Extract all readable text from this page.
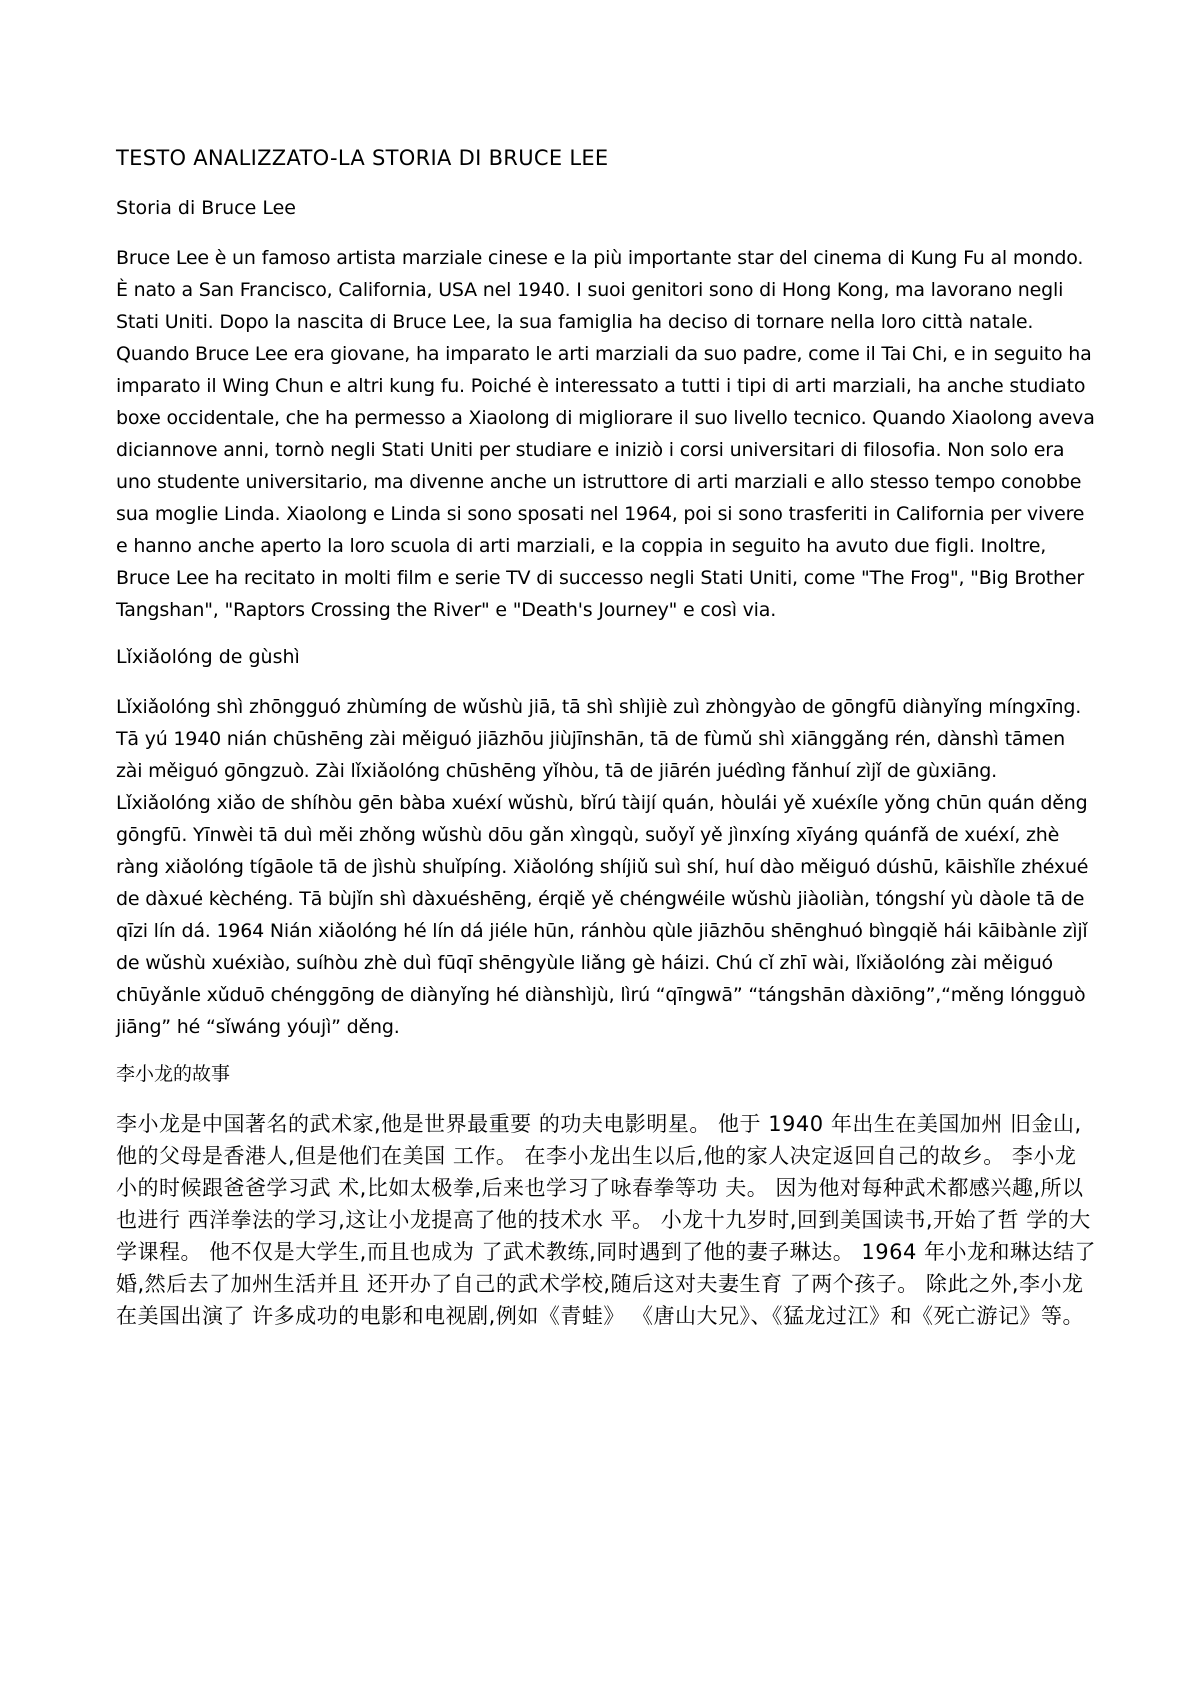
TESTO ANALIZZATO-LA STORIA DI BRUCE LEE
Storia di Bruce Lee

Bruce Lee è un famoso artista marziale cinese e la più importante star del cinema di Kung Fu al mondo. È nato a San Francisco, California, USA nel 1940. I suoi genitori sono di Hong Kong, ma lavorano negli Stati Uniti. Dopo la nascita di Bruce Lee, la sua famiglia ha deciso di tornare nella loro città natale. Quando Bruce Lee era giovane, ha imparato le arti marziali da suo padre, come il Tai Chi, e in seguito ha imparato il Wing Chun e altri kung fu. Poiché è interessato a tutti i tipi di arti marziali, ha anche studiato boxe occidentale, che ha permesso a Xiaolong di migliorare il suo livello tecnico. Quando Xiaolong aveva diciannove anni, tornò negli Stati Uniti per studiare e iniziò i corsi universitari di filosofia. Non solo era uno studente universitario, ma divenne anche un istruttore di arti marziali e allo stesso tempo conobbe sua moglie Linda. Xiaolong e Linda si sono sposati nel 1964, poi si sono trasferiti in California per vivere e hanno anche aperto la loro scuola di arti marziali, e la coppia in seguito ha avuto due figli. Inoltre, Bruce Lee ha recitato in molti film e serie TV di successo negli Stati Uniti, come "The Frog", "Big Brother Tangshan", "Raptors Crossing the River" e "Death's Journey" e così via.

Lǐxiǎolóng de gùshì

Lǐxiǎolóng shì zhōngguó zhùmíng de wǔshù jiā, tā shì shìjiè zuì zhòngyào de gōngfū diànyǐng míngxīng. Tā yú 1940 nián chūshēng zài měiguó jiāzhōu jiùjīnshān, tā de fùmǔ shì xiānggǎng rén, dànshì tāmen zài měiguó gōngzuò. Zài lǐxiǎolóng chūshēng yǐhòu, tā de jiārén juédìng fǎnhuí zìjǐ de gùxiāng. Lǐxiǎolóng xiǎo de shíhòu gēn bàba xuéxí wǔshù, bǐrú tàijí quán, hòulái yě xuéxíle yǒng chūn quán děng gōngfū. Yīnwèi tā duì měi zhǒng wǔshù dōu gǎn xìngqù, suǒyǐ yě jìnxíng xīyáng quánfǎ de xuéxí, zhè ràng xiǎolóng tígāole tā de jìshù shuǐpíng. Xiǎolóng shíjiǔ suì shí, huí dào měiguó dúshū, kāishǐle zhéxué de dàxué kèchéng. Tā bùjǐn shì dàxuéshēng, érqiě yě chéngwéile wǔshù jiàoliàn, tóngshí yù dàole tā de qīzi lín dá. 1964 Nián xiǎolóng hé lín dá jiéle hūn, ránhòu qùle jiāzhōu shēnghuó bìngqiě hái kāibànle zìjǐ de wǔshù xuéxiào, suíhòu zhè duì fūqī shēngyùle liǎng gè háizi. Chú cǐ zhī wài, lǐxiǎolóng zài měiguó chūyǎnle xǔduō chénggōng de diànyǐng hé diànshìjù, lìrú “qīngwā” “tángshān dàxiōng”,“měng lóngguò jiāng” hé “sǐwáng yóujì” děng.

李小龙的故事

李小龙是中国著名的武术家,他是世界最重要 的功夫电影明星。 他于 1940 年出生在美国加州 旧金山,他的父母是香港人,但是他们在美国 工作。 在李小龙出生以后,他的家人决定返回自己的故乡。 李小龙小的时候跟爸爸学习武 术,比如太极拳,后来也学习了咏春拳等功 夫。 因为他对每种武术都感兴趣,所以也进行 西洋拳法的学习,这让小龙提高了他的技术水 平。 小龙十九岁时,回到美国读书,开始了哲 学的大学课程。 他不仅是大学生,而且也成为 了武术教练,同时遇到了他的妻子琳达。 1964 年小龙和琳达结了婚,然后去了加州生活并且 还开办了自己的武术学校,随后这对夫妻生育 了两个孩子。 除此之外,李小龙在美国出演了 许多成功的电影和电视剧,例如《青蛙》 《唐山大兄》、《猛龙过江》和《死亡游记》等。
